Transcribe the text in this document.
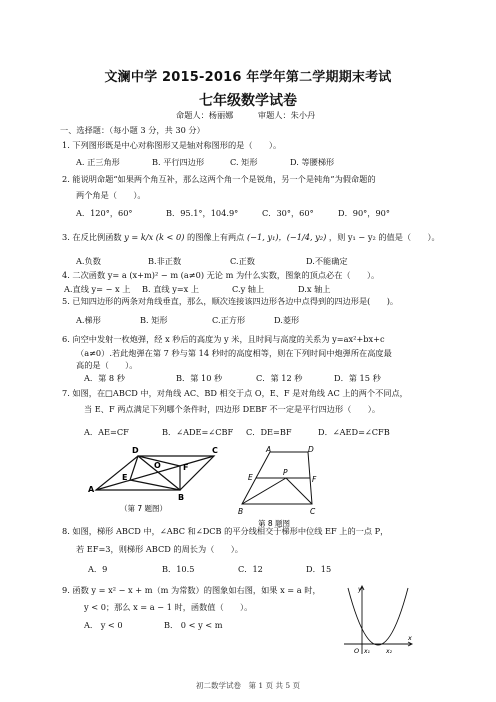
文澜中学 2015-2016 年学年第二学期期末考试
七年级数学试卷
命题人：杨丽娜　　　审题人：朱小丹
一、选择题：（每小题 3 分，共 30 分）
1. 下列图形既是中心对称图形又是轴对称图形的是（　　）。
A. 正三角形	B. 平行四边形	C. 矩形	D. 等腰梯形
2. 能说明命题“如果两个角互补，那么这两个角一个是锐角，另一个是钝角”为假命题的
两个角是（　　）。
A．120°，60°	B．95.1°，104.9°	C．30°，60°	D．90°，90°
3. 在反比例函数 y = k/x (k < 0) 的图像上有两点 (−1, y₁)，(−1/4, y₂) ，则 y₁ − y₂ 的值是（　　）。
A.负数	B.非正数	C.正数	D.不能确定
4. 二次函数 y= a (x+m)² − m (a≠0) 无论 m 为什么实数，图象的顶点必在（　　）。
A.直线 y= − x 上 B. 直线 y=x 上	C.y 轴上	D.x 轴上
5. 已知四边形的两条对角线垂直，那么，顺次连接该四边形各边中点得到的四边形是(　　)。
A.梯形	B. 矩形	C.正方形	D.菱形
6. 向空中发射一枚炮弹，经 x 秒后的高度为 y 米，且时间与高度的关系为 y=ax²+bx+c
（a≠0）.若此炮弹在第 7 秒与第 14 秒时的高度相等，则在下列时间中炮弹所在高度最
高的是（　　）。
A．第 8 秒	B．第 10 秒	C．第 12 秒	D．第 15 秒
7. 如图，在□ABCD 中，对角线 AC、BD 相交于点 O，E、F 是对角线 AC 上的两个不同点，
当 E、F 两点满足下列哪个条件时，四边形 DEBF 不一定是平行四边形（　　）。
A．AE=CF	B．∠ADE=∠CBF C．DE=BF	D．∠AED=∠CFB
D	C
O
E
F
A
B
（第 7 题图）
A	D
P
E	F
B	C
第 8 题图
8. 如图，梯形 ABCD 中，∠ABC 和∠DCB 的平分线相交于梯形中位线 EF 上的一点 P，
若 EF=3，则梯形 ABCD 的周长为（　　）。
A．9	B．10.5	C．12	D．15
9. 函数 y = x² − x + m（m 为常数）的图象如右图，如果 x = a 时，
y < 0；那么 x = a − 1 时，函数值（　　）。
A． y < 0	B． 0 < y < m
y
x
O x₁	x₂
初二数学试卷　第 1 页 共 5 页
